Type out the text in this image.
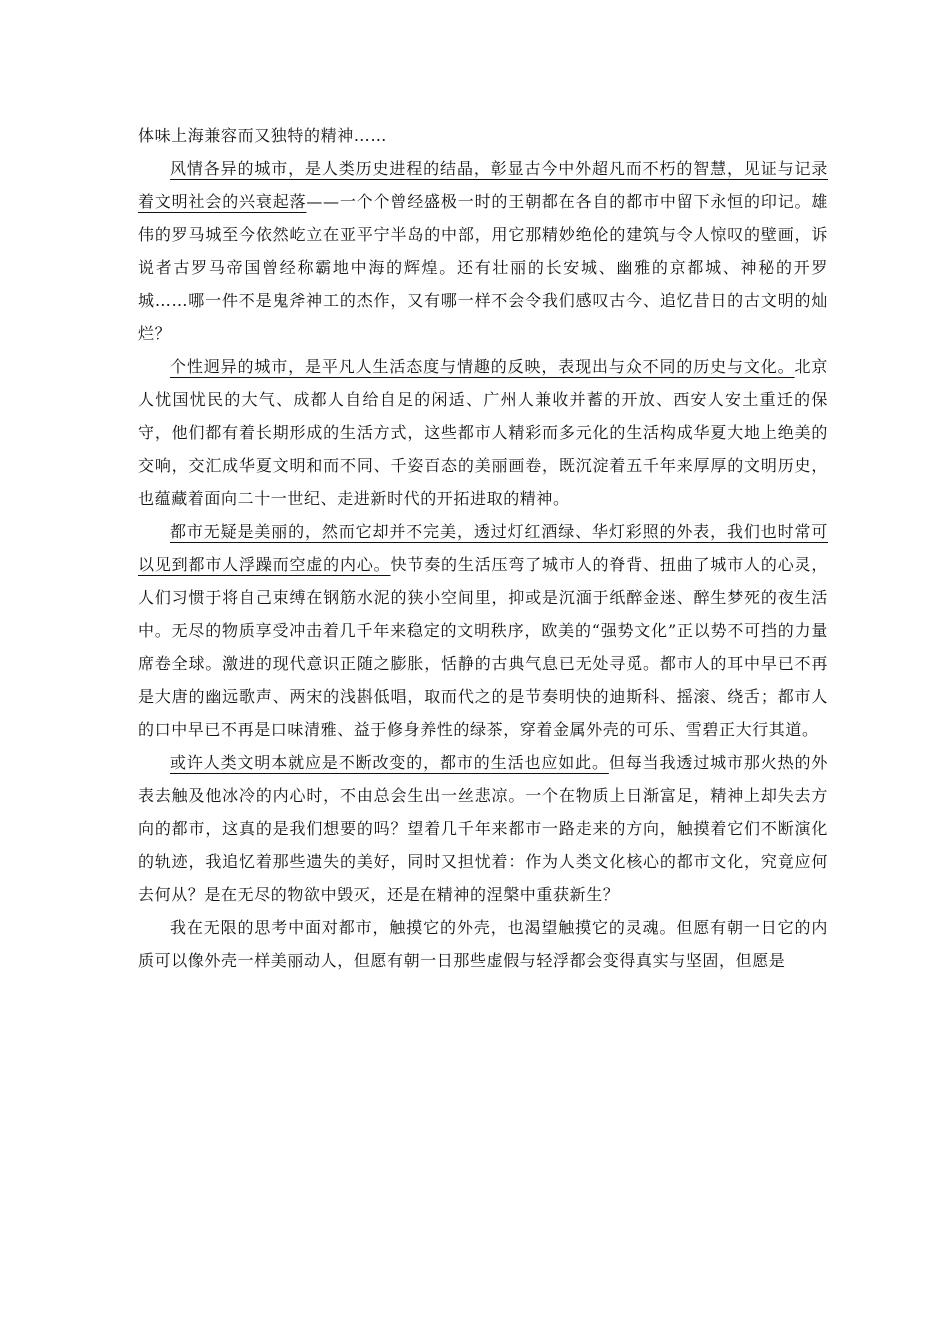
体味上海兼容而又独特的精神……

风情各异的城市，是人类历史进程的结晶，彰显古今中外超凡而不朽的智慧，见证与记录着文明社会的兴衰起落——一个个曾经盛极一时的王朝都在各自的都市中留下永恒的印记。雄伟的罗马城至今依然屹立在亚平宁半岛的中部，用它那精妙绝伦的建筑与令人惊叹的壁画，诉说者古罗马帝国曾经称霸地中海的辉煌。还有壮丽的长安城、幽雅的京都城、神秘的开罗城……哪一件不是鬼斧神工的杰作，又有哪一样不会令我们感叹古今、追忆昔日的古文明的灿烂？

个性迥异的城市，是平凡人生活态度与情趣的反映，表现出与众不同的历史与文化。北京人忧国忧民的大气、成都人自给自足的闲适、广州人兼收并蓄的开放、西安人安土重迁的保守，他们都有着长期形成的生活方式，这些都市人精彩而多元化的生活构成华夏大地上绝美的交响，交汇成华夏文明和而不同、千姿百态的美丽画卷，既沉淀着五千年来厚厚的文明历史，也蕴藏着面向二十一世纪、走进新时代的开拓进取的精神。

都市无疑是美丽的，然而它却并不完美，透过灯红酒绿、华灯彩照的外表，我们也时常可以见到都市人浮躁而空虚的内心。快节奏的生活压弯了城市人的脊背、扭曲了城市人的心灵，人们习惯于将自己束缚在钢筋水泥的狭小空间里，抑或是沉湎于纸醉金迷、醉生梦死的夜生活中。无尽的物质享受冲击着几千年来稳定的文明秩序，欧美的“强势文化”正以势不可挡的力量席卷全球。激进的现代意识正随之膨胀，恬静的古典气息已无处寻觅。都市人的耳中早已不再是大唐的幽远歌声、两宋的浅斟低唱，取而代之的是节奏明快的迪斯科、摇滚、绕舌；都市人的口中早已不再是口味清雅、益于修身养性的绿茶，穿着金属外壳的可乐、雪碧正大行其道。

或许人类文明本就应是不断改变的，都市的生活也应如此。但每当我透过城市那火热的外表去触及他冰冷的内心时，不由总会生出一丝悲凉。一个在物质上日渐富足，精神上却失去方向的都市，这真的是我们想要的吗？望着几千年来都市一路走来的方向，触摸着它们不断演化的轨迹，我追忆着那些遗失的美好，同时又担忧着：作为人类文化核心的都市文化，究竟应何去何从？是在无尽的物欲中毁灭，还是在精神的涅槃中重获新生？

我在无限的思考中面对都市，触摸它的外壳，也渴望触摸它的灵魂。但愿有朝一日它的内质可以像外壳一样美丽动人，但愿有朝一日那些虚假与轻浮都会变得真实与坚固，但愿是
